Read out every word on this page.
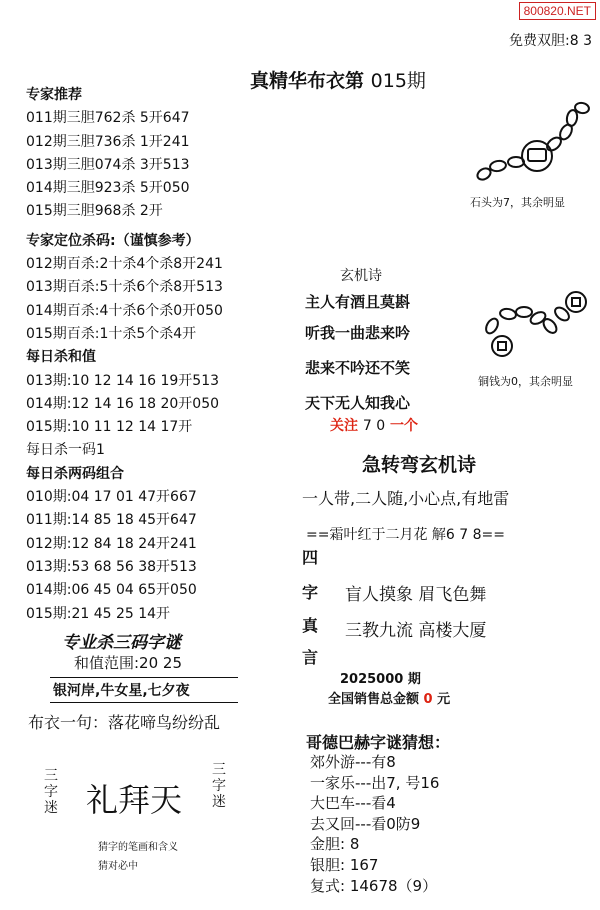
800820.NET
免费双胆:8 3
真精华布衣第 015期
专家推荐
011期三胆762杀 5开647
012期三胆736杀 1开241
013期三胆074杀 3开513
014期三胆923杀 5开050
015期三胆968杀 2开
专家定位杀码:（谨慎参考）
012期百杀:2十杀4个杀8开241
013期百杀:5十杀6个杀8开513
014期百杀:4十杀6个杀0开050
015期百杀:1十杀5个杀4开
每日杀和值
013期:10 12 14 16 19开513
014期:12 14 16 18 20开050
015期:10 11 12 14 17开
每日杀一码1
每日杀两码组合
010期:04 17 01 47开667
011期:14 85 18 45开647
012期:12 84 18 24开241
013期:53 68 56 38开513
014期:06 45 04 65开050
015期:21 45 25 14开
专业杀三码字谜
和值范围:20 25
银河岸,牛女星,七夕夜
布衣一句：落花啼鸟纷纷乱
三
字
迷
三
字
迷
礼拜天
猜字的笔画和含义
猜对必中
石头为7，其余明显
铜钱为0，其余明显
玄机诗
主人有酒且莫斟
听我一曲悲来吟
悲来不吟还不笑
天下无人知我心
关注 7 0 一个
急转弯玄机诗
一人带,二人随,小心点,有地雷
==霜叶红于二月花 解6 7 8==
四
字
真
言
盲人摸象 眉飞色舞
三教九流 高楼大厦
2025000 期
全国销售总金额 0 元
哥德巴赫字谜猜想：
郊外游---有8
一家乐---出7, 号16
大巴车---看4
去又回---看0防9
金胆: 8
银胆: 167
复式: 14678（9）
